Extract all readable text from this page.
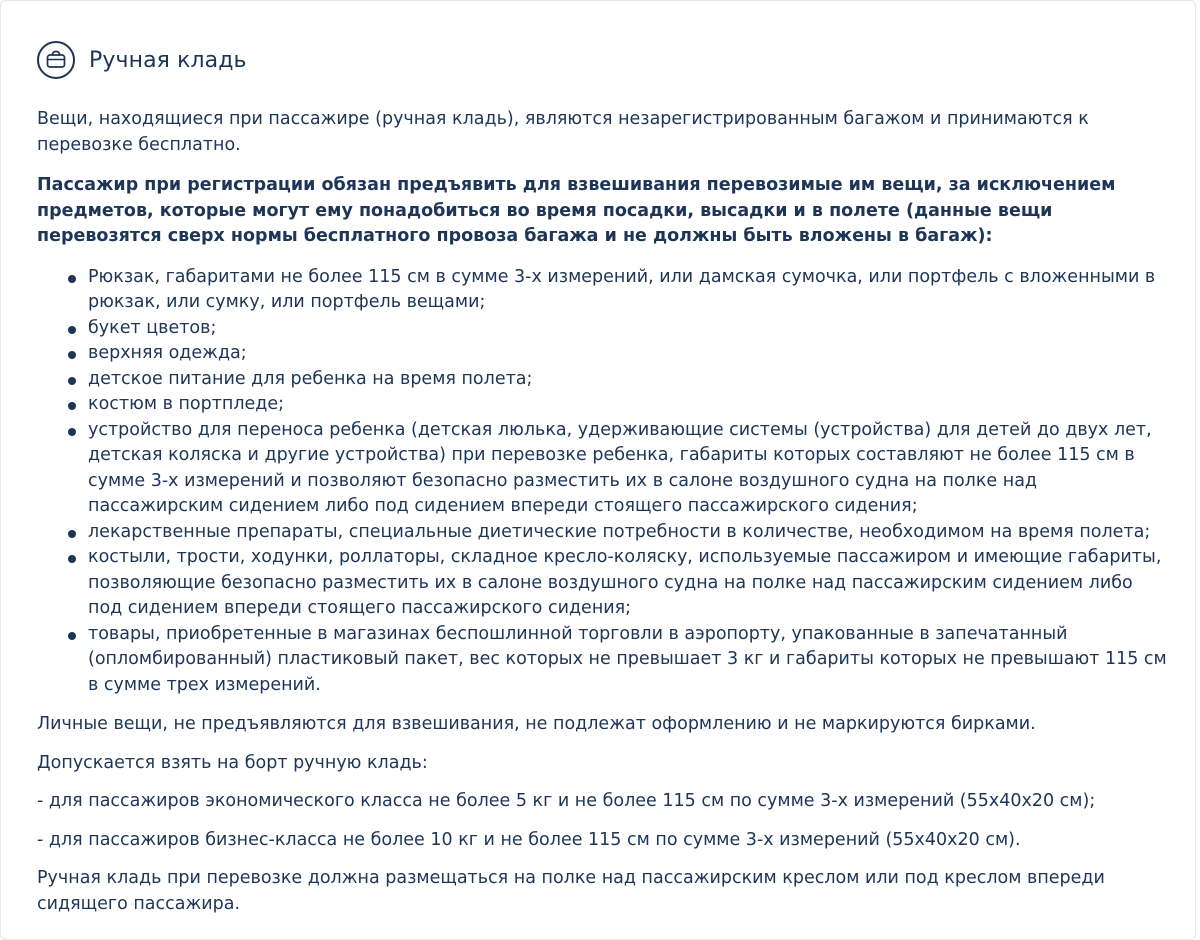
Ручная кладь

Вещи, находящиеся при пассажире (ручная кладь), являются незарегистрированным багажом и принимаются к перевозке бесплатно.

Пассажир при регистрации обязан предъявить для взвешивания перевозимые им вещи, за исключением предметов, которые могут ему понадобиться во время посадки, высадки и в полете (данные вещи перевозятся сверх нормы бесплатного провоза багажа и не должны быть вложены в багаж):

Рюкзак, габаритами не более 115 см в сумме 3-х измерений, или дамская сумочка, или портфель с вложенными в рюкзак, или сумку, или портфель вещами;
букет цветов;
верхняя одежда;
детское питание для ребенка на время полета;
костюм в портпледе;
устройство для переноса ребенка (детская люлька, удерживающие системы (устройства) для детей до двух лет, детская коляска и другие устройства) при перевозке ребенка, габариты которых составляют не более 115 см в сумме 3-х измерений и позволяют безопасно разместить их в салоне воздушного судна на полке над пассажирским сидением либо под сидением впереди стоящего пассажирского сидения;
лекарственные препараты, специальные диетические потребности в количестве, необходимом на время полета;
костыли, трости, ходунки, роллаторы, складное кресло-коляску, используемые пассажиром и имеющие габариты, позволяющие безопасно разместить их в салоне воздушного судна на полке над пассажирским сидением либо под сидением впереди стоящего пассажирского сидения;
товары, приобретенные в магазинах беспошлинной торговли в аэропорту, упакованные в запечатанный (опломбированный) пластиковый пакет, вес которых не превышает 3 кг и габариты которых не превышают 115 см в сумме трех измерений.

Личные вещи, не предъявляются для взвешивания, не подлежат оформлению и не маркируются бирками.

Допускается взять на борт ручную кладь:

- для пассажиров экономического класса не более 5 кг и не более 115 см по сумме 3-х измерений (55х40х20 см);

- для пассажиров бизнес-класса не более 10 кг и не более 115 см по сумме 3-х измерений (55х40х20 см).

Ручная кладь при перевозке должна размещаться на полке над пассажирским креслом или под креслом впереди сидящего пассажира.
